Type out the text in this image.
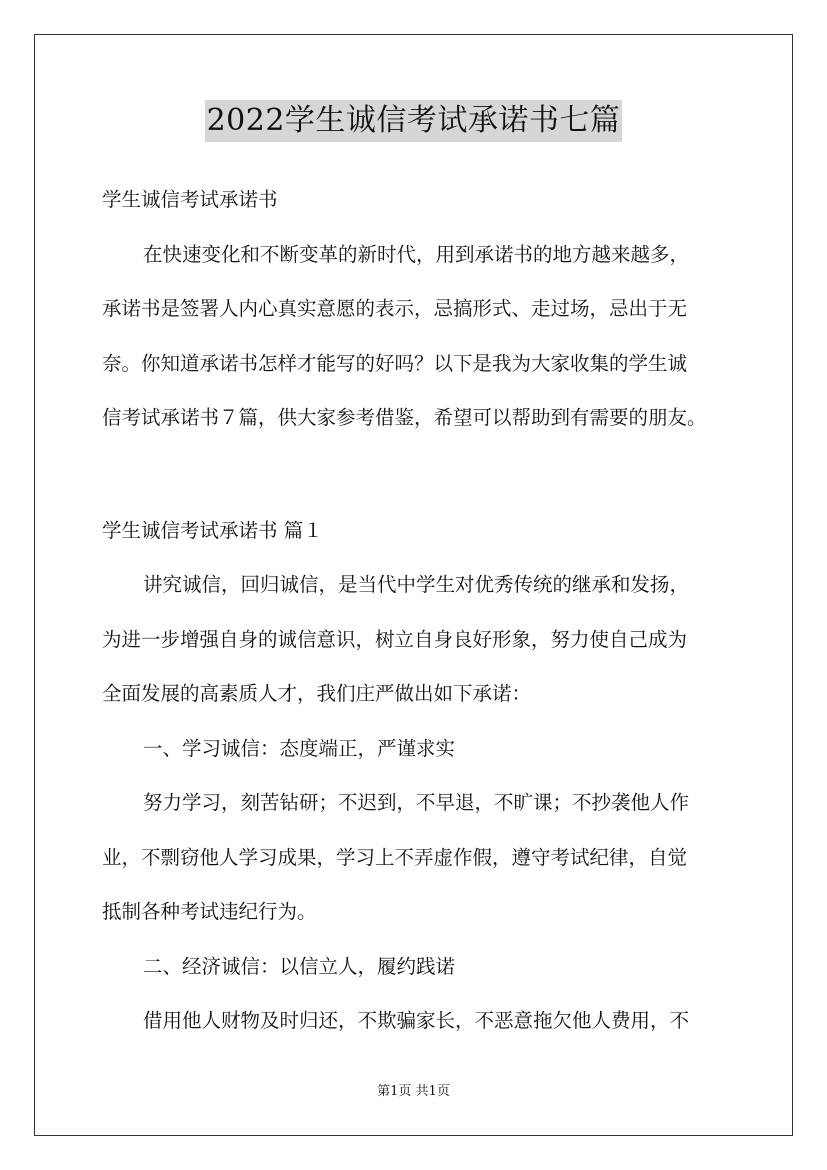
2022学生诚信考试承诺书七篇
学生诚信考试承诺书
在快速变化和不断变革的新时代，用到承诺书的地方越来越多，
承诺书是签署人内心真实意愿的表示，忌搞形式、走过场，忌出于无
奈。你知道承诺书怎样才能写的好吗？以下是我为大家收集的学生诚
信考试承诺书７篇，供大家参考借鉴，希望可以帮助到有需要的朋友。
学生诚信考试承诺书 篇１
讲究诚信，回归诚信，是当代中学生对优秀传统的继承和发扬，
为进一步增强自身的诚信意识，树立自身良好形象，努力使自己成为
全面发展的高素质人才，我们庄严做出如下承诺：
一、学习诚信：态度端正，严谨求实
努力学习，刻苦钻研；不迟到，不早退，不旷课；不抄袭他人作
业，不剽窃他人学习成果，学习上不弄虚作假，遵守考试纪律，自觉
抵制各种考试违纪行为。
二、经济诚信：以信立人，履约践诺
借用他人财物及时归还，不欺骗家长，不恶意拖欠他人费用，不
第1页 共1页
